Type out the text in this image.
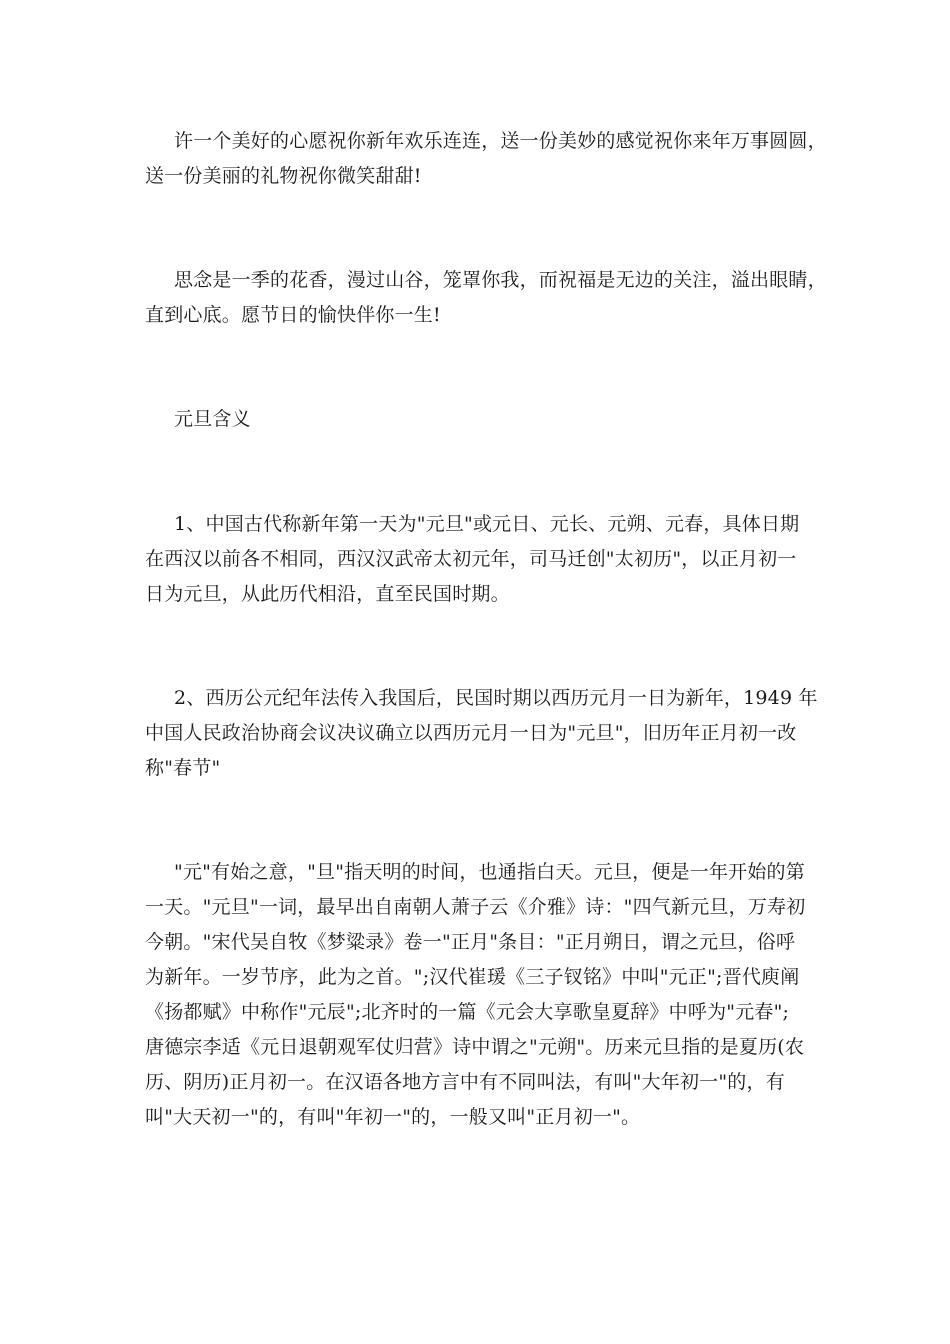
许一个美好的心愿祝你新年欢乐连连，送一份美妙的感觉祝你来年万事圆圆，
送一份美丽的礼物祝你微笑甜甜!
思念是一季的花香，漫过山谷，笼罩你我，而祝福是无边的关注，溢出眼睛，
直到心底。愿节日的愉快伴你一生!
元旦含义
1、中国古代称新年第一天为"元旦"或元日、元长、元朔、元春，具体日期
在西汉以前各不相同，西汉汉武帝太初元年，司马迁创"太初历"，以正月初一
日为元旦，从此历代相沿，直至民国时期。
2、西历公元纪年法传入我国后，民国时期以西历元月一日为新年，1949 年
中国人民政治协商会议决议确立以西历元月一日为"元旦"，旧历年正月初一改
称"春节"
"元"有始之意，"旦"指天明的时间，也通指白天。元旦，便是一年开始的第
一天。"元旦"一词，最早出自南朝人萧子云《介雅》诗："四气新元旦，万寿初
今朝。"宋代吴自牧《梦粱录》卷一"正月"条目："正月朔日，谓之元旦，俗呼
为新年。一岁节序，此为之首。";汉代崔瑗《三子钗铭》中叫"元正";晋代庾阐
《扬都赋》中称作"元辰";北齐时的一篇《元会大享歌皇夏辞》中呼为"元春";
唐德宗李适《元日退朝观军仗归营》诗中谓之"元朔"。历来元旦指的是夏历(农
历、阴历)正月初一。在汉语各地方言中有不同叫法，有叫"大年初一"的，有
叫"大天初一"的，有叫"年初一"的，一般又叫"正月初一"。
